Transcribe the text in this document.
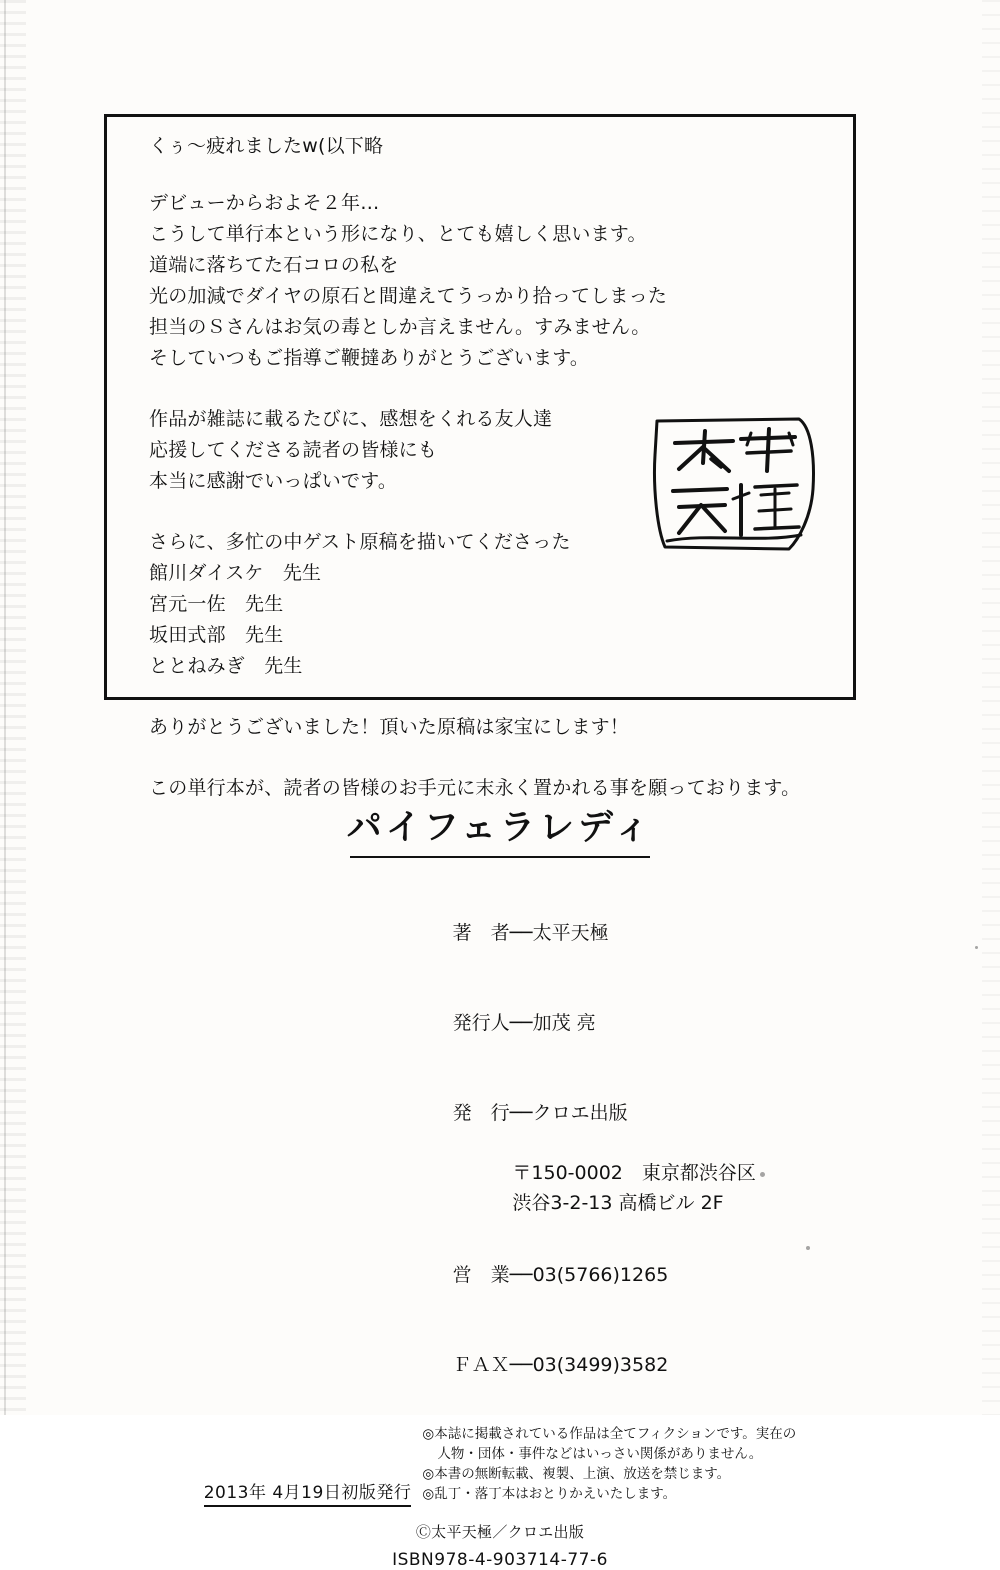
くぅ〜疲れましたw(以下略
デビューからおよそ２年…
こうして単行本という形になり、とても嬉しく思います。
道端に落ちてた石コロの私を
光の加減でダイヤの原石と間違えてうっかり拾ってしまった
担当のＳさんはお気の毒としか言えません。すみません。
そしていつもご指導ご鞭撻ありがとうございます。
作品が雑誌に載るたびに、感想をくれる友人達
応援してくださる読者の皆様にも
本当に感謝でいっぱいです。
さらに、多忙の中ゲスト原稿を描いてくださった
館川ダイスケ　先生
宮元一佐　先生
坂田式部　先生
ととねみぎ　先生
ありがとうございました！頂いた原稿は家宝にします！
この単行本が、読者の皆様のお手元に末永く置かれる事を願っております。
パイフェラレディ
2013年 4月19日初版発行

著　者──太平天極

発行人──加茂 亮

発　行──クロエ出版

〒150-0002　東京都渋谷区
渋谷3-2-13 高橋ビル 2F

営　業──03(5766)1265

ＦＡＸ──03(3499)3582

◎本誌に掲載されている作品は全てフィクションです。実在の
人物・団体・事件などはいっさい関係がありません。
◎本書の無断転載、複製、上演、放送を禁じます。
◎乱丁・落丁本はおとりかえいたします。
Ⓒ太平天極／クロエ出版
ISBN978-4-903714-77-6
